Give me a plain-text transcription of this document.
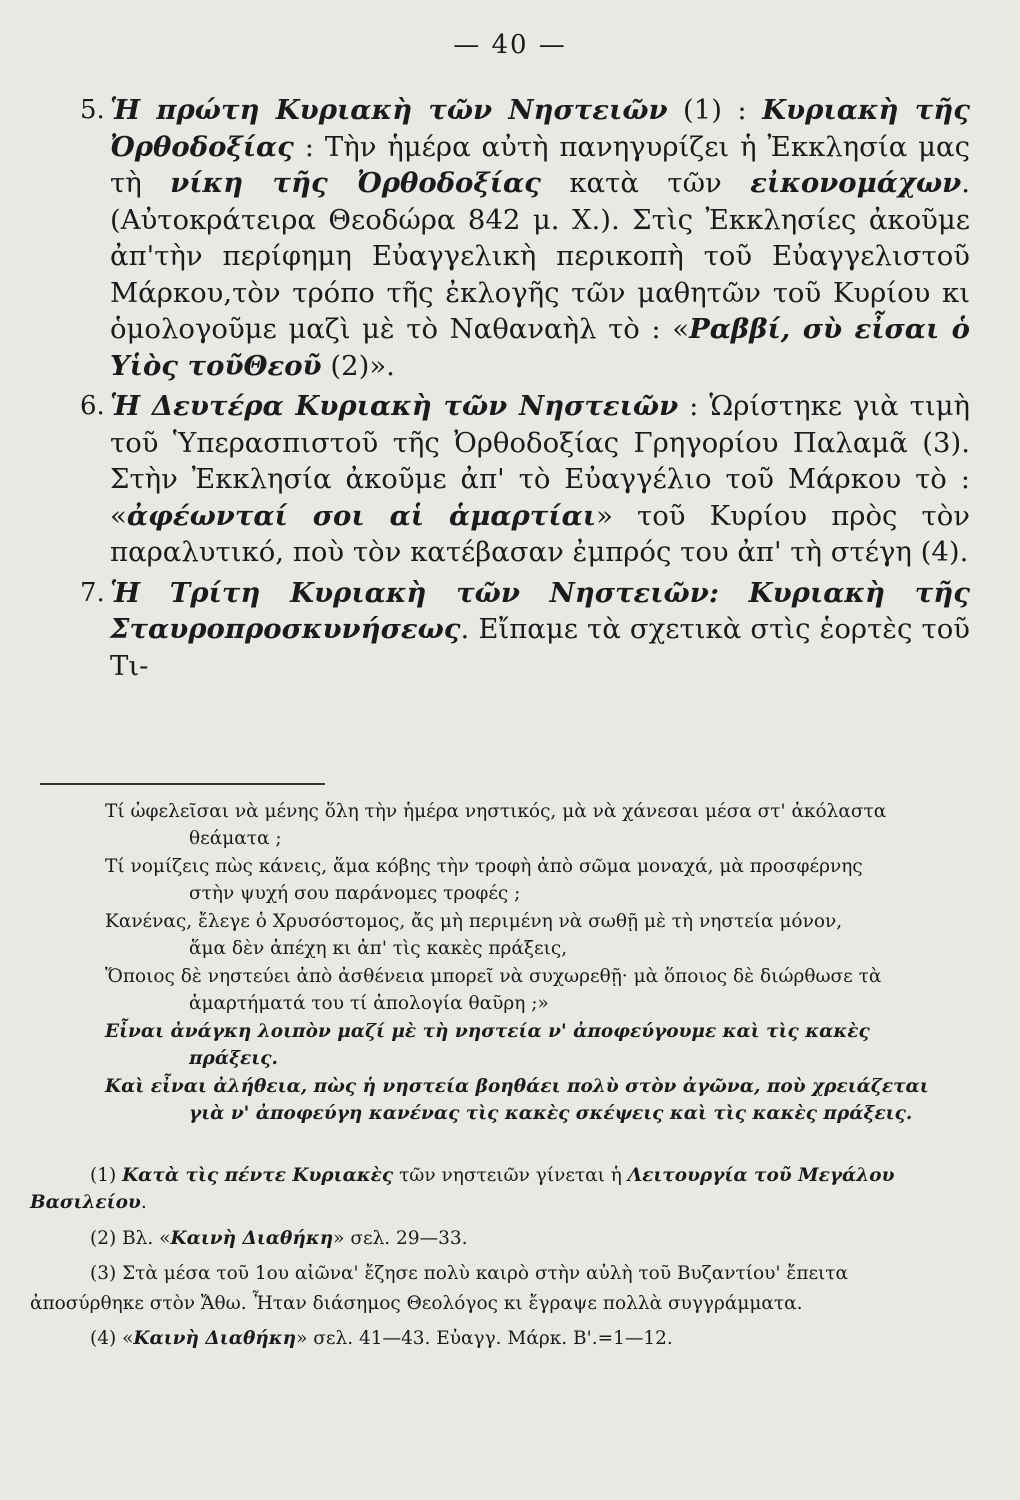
— 40 —
5. Ἡ πρώτη Κυριακὴ τῶν Νηστειῶν (1) : Κυριακὴ τῆς Ὀρθοδοξίας : Τὴν ἡμέρα αὐτὴ πανηγυρίζει ἡ Ἐκκλησία μας τὴ νίκη τῆς Ὀρθοδοξίας κατὰ τῶν εἰκονομάχων. (Αὐτοκράτειρα Θεοδώρα 842 μ. Χ.). Στὶς Ἐκκλησίες ἀκοῦμε ἀπ'τὴν περίφημη Εὐαγγελικὴ περικοπὴ τοῦ Εὐαγγελιστοῦ Μάρκου,τὸν τρόπο τῆς ἐκλογῆς τῶν μαθητῶν τοῦ Κυρίου κι ὁμολογοῦμε μαζὶ μὲ τὸ Ναθαναὴλ τὸ : «Ραββί, σὺ εἶσαι ὁ Υἱὸς τοῦΘεοῦ (2)».
6. Ἡ Δευτέρα Κυριακὴ τῶν Νηστειῶν : Ὡρίστηκε γιὰ τιμὴ τοῦ Ὑπερασπιστοῦ τῆς Ὀρθοδοξίας Γρηγορίου Παλαμᾶ (3). Στὴν Ἐκκλησία ἀκοῦμε ἀπ' τὸ Εὐαγγέλιο τοῦ Μάρκου τὸ : «ἀφέωνταί σοι αἱ ἁμαρτίαι» τοῦ Κυρίου πρὸς τὸν παραλυτικό, ποὺ τὸν κατέβασαν ἐμπρός του ἀπ' τὴ στέγη (4).
7. Ἡ Τρίτη Κυριακὴ τῶν Νηστειῶν: Κυριακὴ τῆς Σταυροπροσκυνήσεως. Εἴπαμε τὰ σχετικὰ στὶς ἑορτὲς τοῦ Τι-
Τί ὠφελεῖσαι νὰ μένης ὅλη τὴν ἡμέρα νηστικός, μὰ νὰ χάνεσαι μέσα στ' ἀκόλαστα
θεάματα ;
Τί νομίζεις πὼς κάνεις, ἅμα κόβης τὴν τροφὴ ἀπὸ σῶμα μοναχά, μὰ προσφέρνης
στὴν ψυχή σου παράνομες τροφές ;
Κανένας, ἔλεγε ὁ Χρυσόστομος, ἄς μὴ περιμένη νὰ σωθῇ μὲ τὴ νηστεία μόνον,
ἅμα δὲν ἀπέχη κι ἀπ' τὶς κακὲς πράξεις,
Ὅποιος δὲ νηστεύει ἀπὸ ἀσθένεια μπορεῖ νὰ συχωρεθῇ· μὰ ὅποιος δὲ διώρθωσε τὰ
ἁμαρτήματά του τί ἀπολογία θαῦρη ;»
Εἶναι ἀνάγκη λοιπὸν μαζί μὲ τὴ νηστεία ν' ἀποφεύγουμε καὶ τὶς κακὲς
πράξεις.
Καὶ εἶναι ἀλήθεια, πὼς ἡ νηστεία βοηθάει πολὺ στὸν ἀγῶνα, ποὺ χρειάζεται
γιὰ ν' ἀποφεύγη κανένας τὶς κακὲς σκέψεις καὶ τὶς κακὲς πράξεις.
(1) Κατὰ τὶς πέντε Κυριακὲς τῶν νηστειῶν γίνεται ἡ Λειτουργία τοῦ Μεγάλου
Βασιλείου.
(2) Βλ. «Καινὴ Διαθήκη» σελ. 29—33.
(3) Στὰ μέσα τοῦ 1ου αἰῶνα' ἔζησε πολὺ καιρὸ στὴν αὐλὴ τοῦ Βυζαντίου' ἔπειτα
ἀποσύρθηκε στὸν Ἄθω. Ἦταν διάσημος Θεολόγος κι ἔγραψε πολλὰ συγγράμματα.
(4) «Καινὴ Διαθήκη» σελ. 41—43. Εὐαγγ. Μάρκ. Β'.=1—12.
